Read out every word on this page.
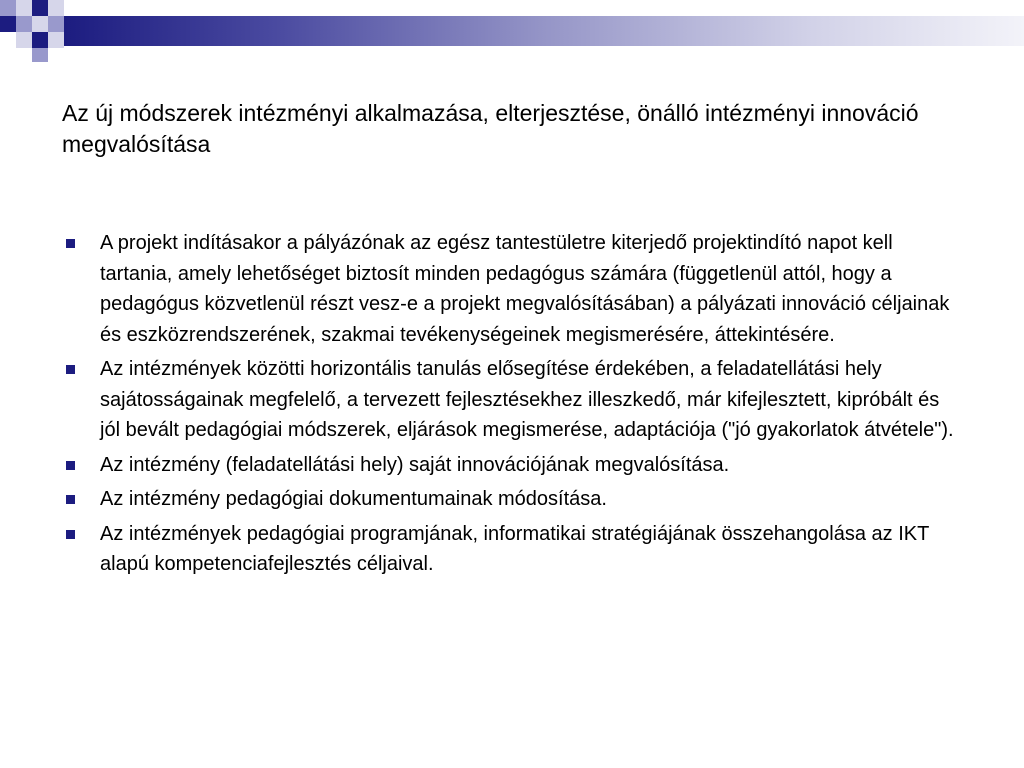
Az új módszerek intézményi alkalmazása, elterjesztése, önálló intézményi innováció megvalósítása
A projekt indításakor a pályázónak az egész tantestületre kiterjedő projektindító napot kell tartania, amely lehetőséget biztosít minden pedagógus számára (függetlenül attól, hogy a pedagógus közvetlenül részt vesz-e a projekt megvalósításában) a pályázati innováció céljainak és eszközrendszerének, szakmai tevékenységeinek megismerésére, áttekintésére.
Az intézmények közötti horizontális tanulás elősegítése érdekében, a feladatellátási hely sajátosságainak megfelelő, a tervezett fejlesztésekhez illeszkedő, már kifejlesztett, kipróbált és jól bevált pedagógiai módszerek, eljárások megismerése, adaptációja ("jó gyakorlatok átvétele").
Az intézmény (feladatellátási hely) saját innovációjának megvalósítása.
Az intézmény pedagógiai dokumentumainak módosítása.
Az intézmények pedagógiai programjának, informatikai stratégiájának összehangolása az IKT alapú kompetenciafejlesztés céljaival.
